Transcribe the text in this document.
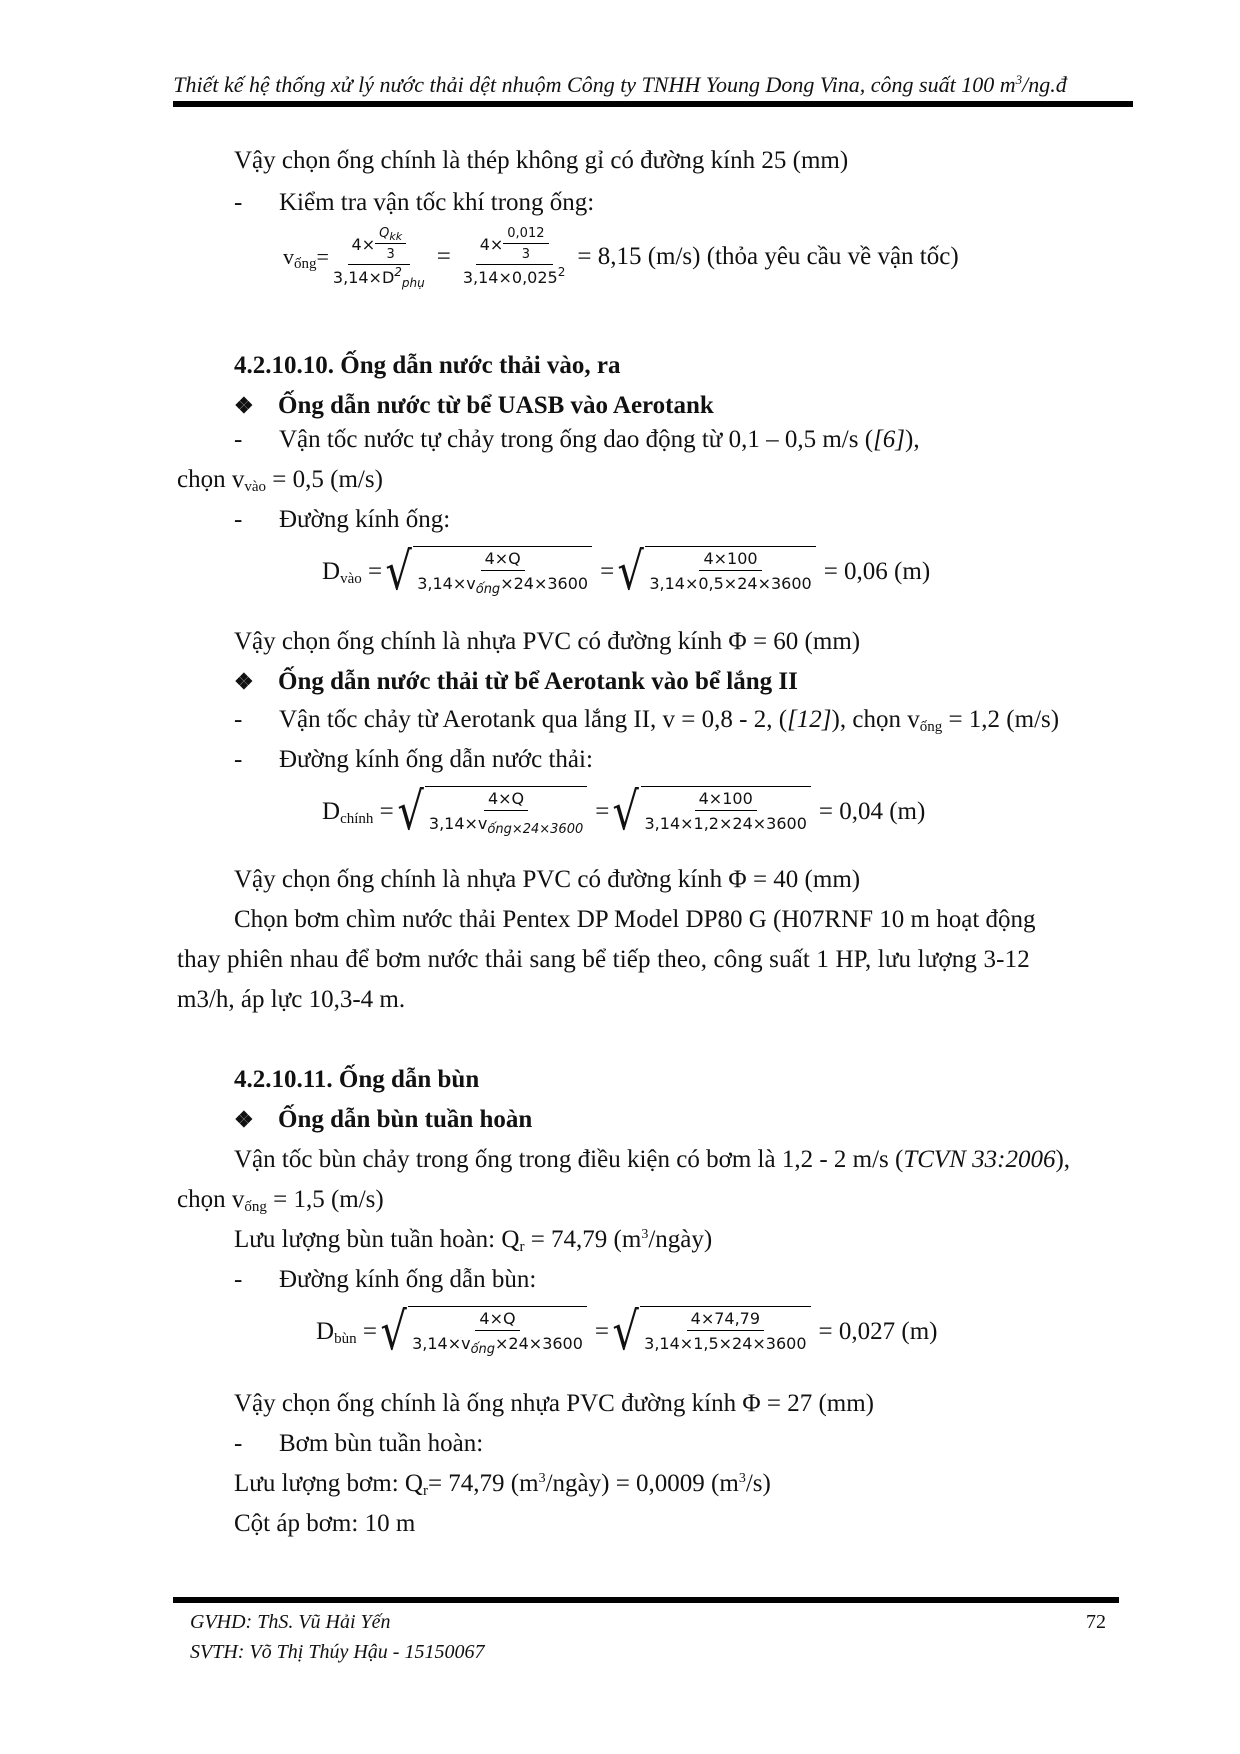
Thiết kế hệ thống xử lý nước thải dệt nhuộm Công ty TNHH Young Dong Vina, công suất 100 $m^3/ng.đ$
Vậy chọn ống chính là thép không gỉ có đường kính 25 (mm)
- Kiểm tra vận tốc khí trong ống:
vống= $\frac{4\times \frac{Q_{kk}}{3}}{3,14\times D^2_{phụ}} = \frac{4\times \frac{0,012}{3}}{3,14\times 0,025^2} = 8,15$ (m/s) (thỏa yêu cầu về vận tốc)
4.2.10.10. Ống dẫn nước thải vào, ra
❖ Ống dẫn nước từ bể UASB vào Aerotank
- Vận tốc nước tự chảy trong ống dao động từ 0,1 – 0,5 m/s ([6]),
chọn vvào = 0,5 (m/s)
- Đường kính ống:
Dvào = √ $\frac{4\times Q}{3,14\times v_{ống}\times 24\times 3600}$ = √ $\frac{4\times 100}{3,14\times 0,5\times 24\times 3600} = 0,06$ (m)
Vậy chọn ống chính là nhựa PVC có đường kính Φ = 60 (mm)
❖ Ống dẫn nước thải từ bể Aerotank vào bể lắng II
- Vận tốc chảy từ Aerotank qua lắng II, v = 0,8 - 2, ([12]), chọn vống = 1,2 (m/s)
- Đường kính ống dẫn nước thải:
Dchính = √ $\frac{4\times Q}{3,14\times v_{ống\times 24\times 3600}}$ = √ $\frac{4\times 100}{3,14\times 1,2\times 24\times 3600} = 0,04$ (m)
Vậy chọn ống chính là nhựa PVC có đường kính Φ = 40 (mm)
Chọn bơm chìm nước thải Pentex DP Model DP80 G (H07RNF 10 m hoạt động
thay phiên nhau để bơm nước thải sang bể tiếp theo, công suất 1 HP, lưu lượng 3-12
m3/h, áp lực 10,3-4 m.
4.2.10.11. Ống dẫn bùn
❖ Ống dẫn bùn tuần hoàn
Vận tốc bùn chảy trong ống trong điều kiện có bơm là 1,2 - 2 m/s (TCVN 33:2006),
chọn vống = 1,5 (m/s)
Lưu lượng bùn tuần hoàn: Qr = 74,79 $(m^3/ngày)$
- Đường kính ống dẫn bùn:
Dbùn = √ $\frac{4\times Q}{3,14\times v_{ống}\times 24\times 3600}$ = √ $\frac{4\times 74,79}{3,14\times 1,5\times 24\times 3600} = 0,027$ (m)
Vậy chọn ống chính là ống nhựa PVC đường kính Φ = 27 (mm)
- Bơm bùn tuần hoàn:
Lưu lượng bơm: Qr= 74,79 $(m^3/ngày) = 0,0009$ $(m^3/s)$
Cột áp bơm: 10 m
GVHD: ThS. Vũ Hải Yến
SVTH: Võ Thị Thúy Hậu - 15150067
72
